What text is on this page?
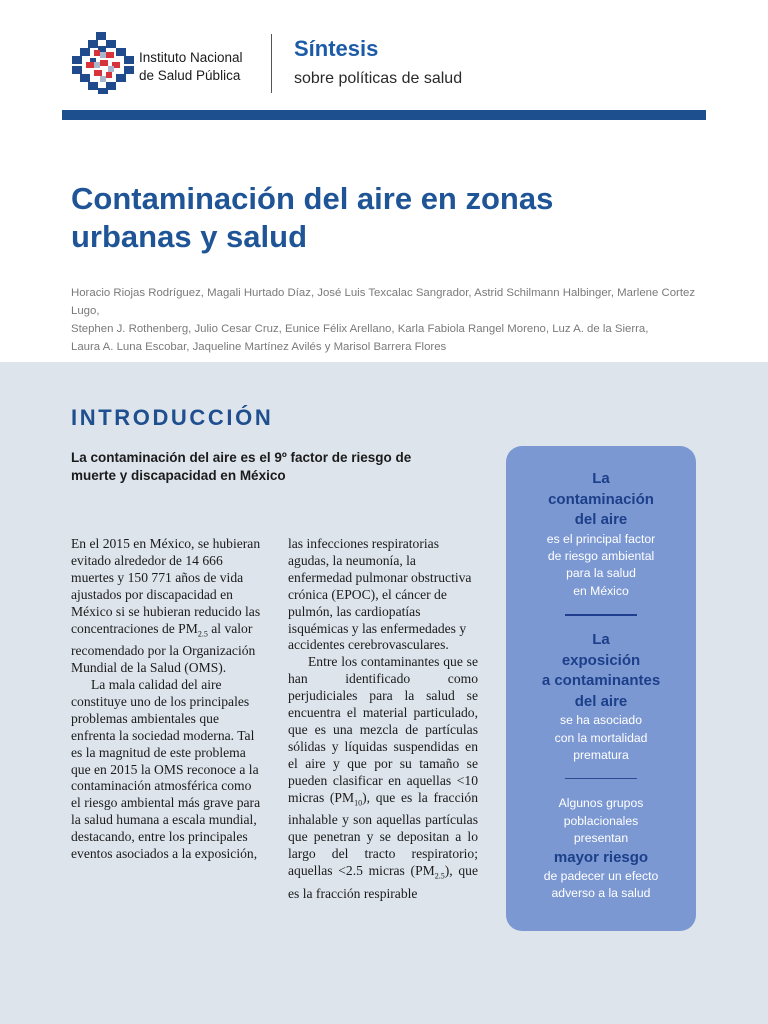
Instituto Nacional
de Salud Pública
Síntesis
sobre políticas de salud
Contaminación del aire en zonas
urbanas y salud
Horacio Riojas Rodríguez, Magali Hurtado Díaz, José Luis Texcalac Sangrador, Astrid Schilmann Halbinger, Marlene Cortez Lugo,
Stephen J. Rothenberg, Julio Cesar Cruz, Eunice Félix Arellano, Karla Fabiola Rangel Moreno, Luz A. de la Sierra,
Laura A. Luna Escobar, Jaqueline Martínez Avilés y Marisol Barrera Flores
INTRODUCCIÓN
La contaminación del aire es el 9º factor de riesgo de
muerte y discapacidad en México

En el 2015 en México, se hubieran evitado alrededor de 14 666 muertes y 150 771 años de vida ajustados por discapacidad en México si se hubieran reducido las concentraciones de $PM_{2.5}$ al valor recomendado por la Organización Mundial de la Salud (OMS).

La mala calidad del aire constituye uno de los principales problemas ambientales que enfrenta la sociedad moderna. Tal es la magnitud de este problema que en 2015 la OMS reconoce a la contaminación atmosférica como el riesgo ambiental más grave para la salud humana a escala mundial, destacando, entre los principales eventos asociados a la exposición,

las infecciones respiratorias agudas, la neumonía, la enfermedad pulmonar obstructiva crónica (EPOC), el cáncer de pulmón, las cardiopatías isquémicas y las enfermedades y accidentes cerebrovasculares.

Entre los contaminantes que se han identificado como perjudiciales para la salud se encuentra el material particulado, que es una mezcla de partículas sólidas y líquidas suspendidas en el aire y que por su tamaño se pueden clasificar en aquellas <10 micras $(PM_{10})$, que es la fracción inhalable y son aquellas partículas que penetran y se depositan a lo largo del tracto respiratorio; aquellas <2.5 micras $(PM_{2.5})$, que es la fracción respirable

La
contaminación
del aire
es el principal factor
de riesgo ambiental
para la salud
en México
La
exposición
a contaminantes
del aire
se ha asociado
con la mortalidad
prematura
Algunos grupos
poblacionales
presentan
mayor riesgo
de padecer un efecto
adverso a la salud
